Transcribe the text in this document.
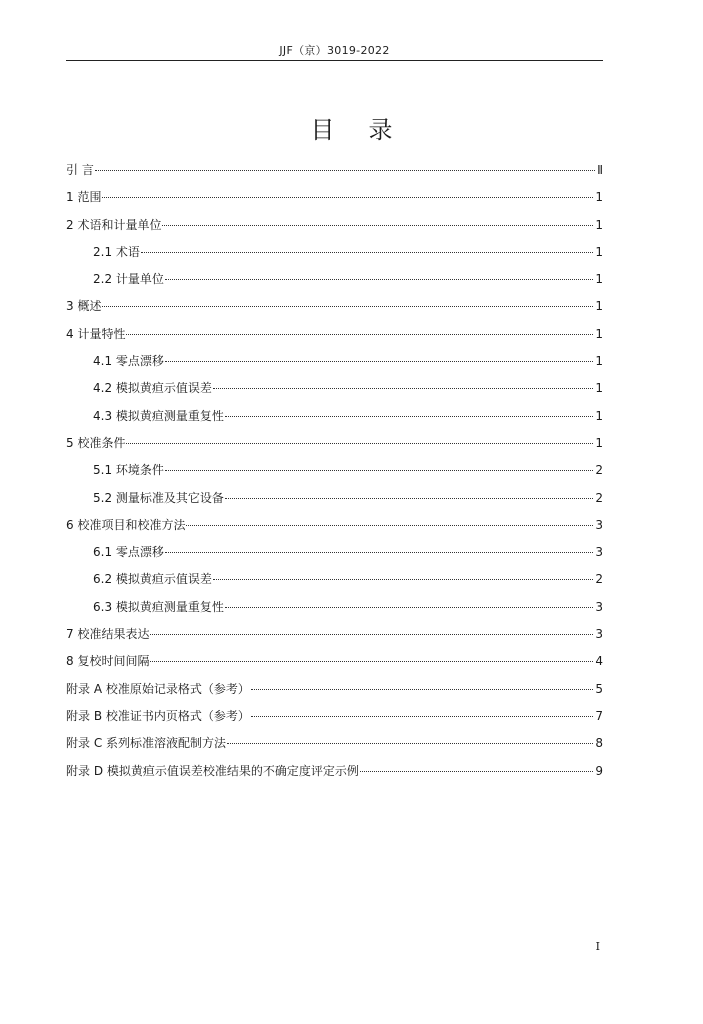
JJF（京）3019-2022
目 录
引 言	Ⅱ
1 范围	1
2 术语和计量单位	1
2.1 术语	1
2.2 计量单位	1
3 概述	1
4 计量特性	1
4.1 零点漂移	1
4.2 模拟黄疸示值误差	1
4.3 模拟黄疸测量重复性	1
5 校准条件	1
5.1 环境条件	2
5.2 测量标准及其它设备	2
6 校准项目和校准方法	3
6.1 零点漂移	3
6.2 模拟黄疸示值误差	2
6.3 模拟黄疸测量重复性	3
7 校准结果表达	3
8 复校时间间隔	4
附录 A 校准原始记录格式（参考）	5
附录 B 校准证书内页格式（参考）	7
附录 C 系列标准溶液配制方法	8
附录 D 模拟黄疸示值误差校准结果的不确定度评定示例	9
I
